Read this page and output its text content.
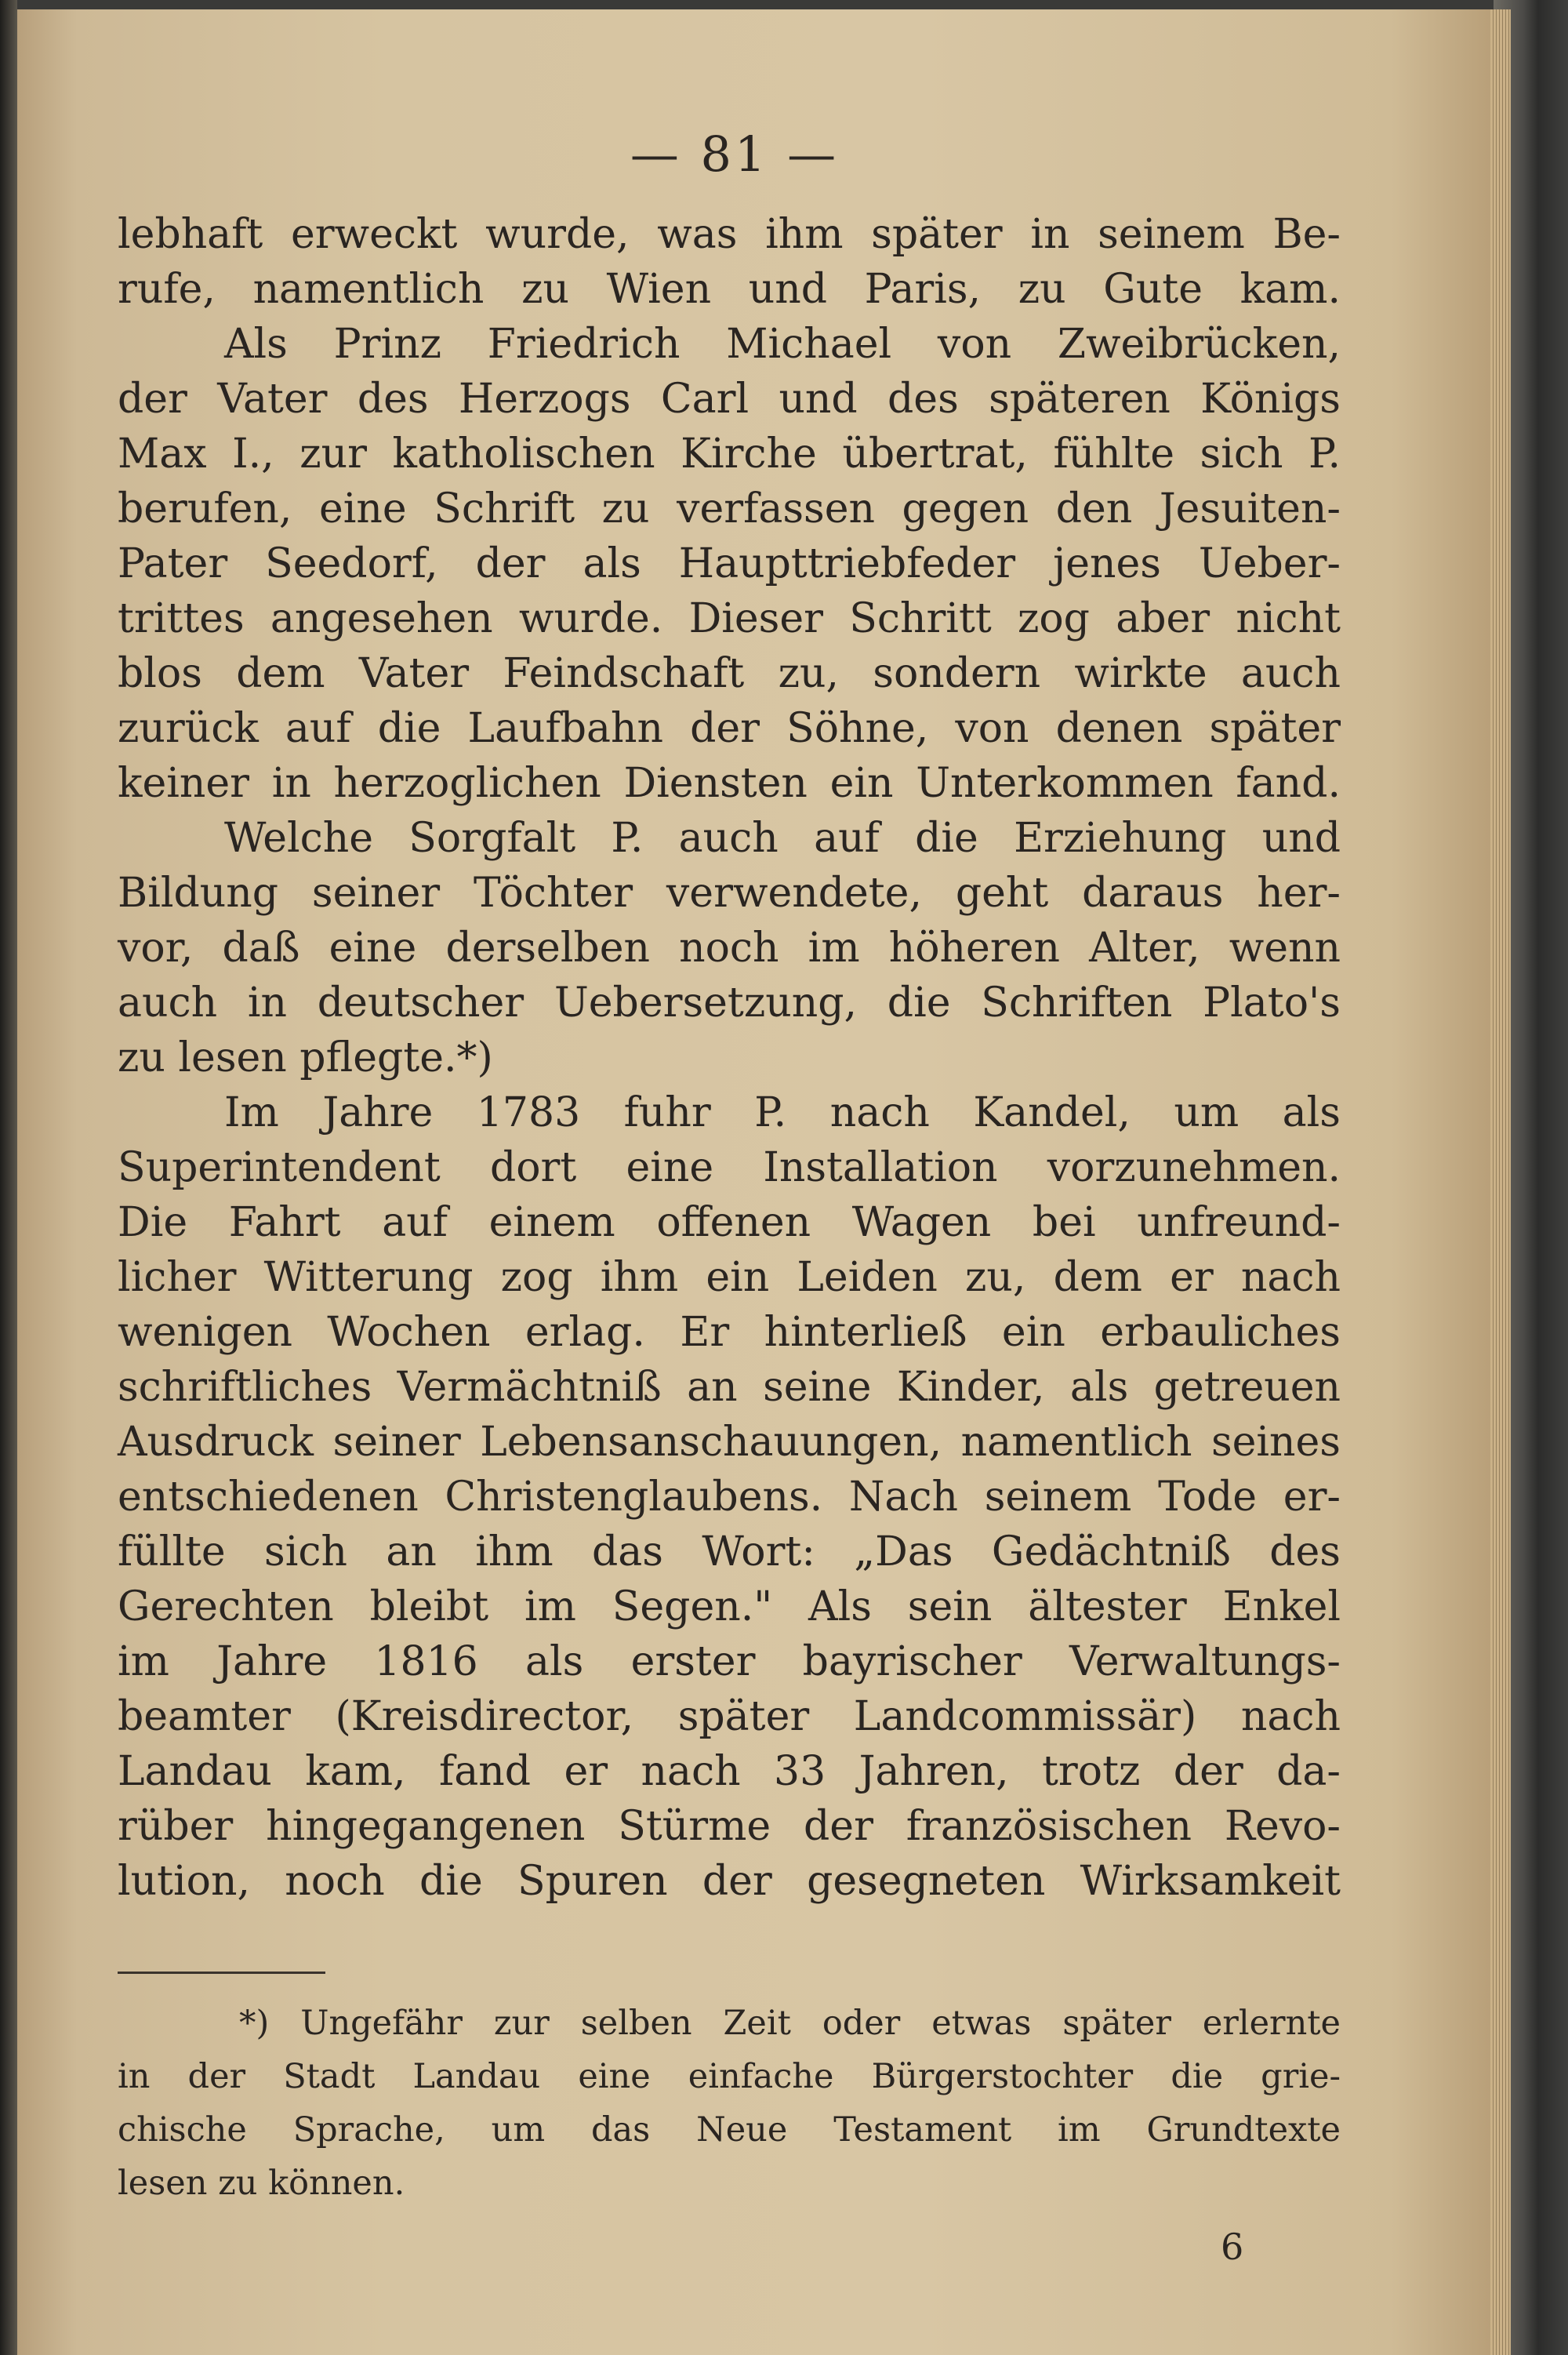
— 81 —
lebhaft erweckt wurde, was ihm später in seinem Be-
rufe, namentlich zu Wien und Paris, zu Gute kam.
Als Prinz Friedrich Michael von Zweibrücken,
der Vater des Herzogs Carl und des späteren Königs
Max I., zur katholischen Kirche übertrat, fühlte sich P.
berufen, eine Schrift zu verfassen gegen den Jesuiten-
Pater Seedorf, der als Haupttriebfeder jenes Ueber-
trittes angesehen wurde. Dieser Schritt zog aber nicht
blos dem Vater Feindschaft zu, sondern wirkte auch
zurück auf die Laufbahn der Söhne, von denen später
keiner in herzoglichen Diensten ein Unterkommen fand.
Welche Sorgfalt P. auch auf die Erziehung und
Bildung seiner Töchter verwendete, geht daraus her-
vor, daß eine derselben noch im höheren Alter, wenn
auch in deutscher Uebersetzung, die Schriften Plato's
zu lesen pflegte.*)
Im Jahre 1783 fuhr P. nach Kandel, um als
Superintendent dort eine Installation vorzunehmen.
Die Fahrt auf einem offenen Wagen bei unfreund-
licher Witterung zog ihm ein Leiden zu, dem er nach
wenigen Wochen erlag. Er hinterließ ein erbauliches
schriftliches Vermächtniß an seine Kinder, als getreuen
Ausdruck seiner Lebensanschauungen, namentlich seines
entschiedenen Christenglaubens. Nach seinem Tode er-
füllte sich an ihm das Wort: „Das Gedächtniß des
Gerechten bleibt im Segen." Als sein ältester Enkel
im Jahre 1816 als erster bayrischer Verwaltungs-
beamter (Kreisdirector, später Landcommissär) nach
Landau kam, fand er nach 33 Jahren, trotz der da-
rüber hingegangenen Stürme der französischen Revo-
lution, noch die Spuren der gesegneten Wirksamkeit
*) Ungefähr zur selben Zeit oder etwas später erlernte
in der Stadt Landau eine einfache Bürgerstochter die grie-
chische Sprache, um das Neue Testament im Grundtexte
lesen zu können.
6
